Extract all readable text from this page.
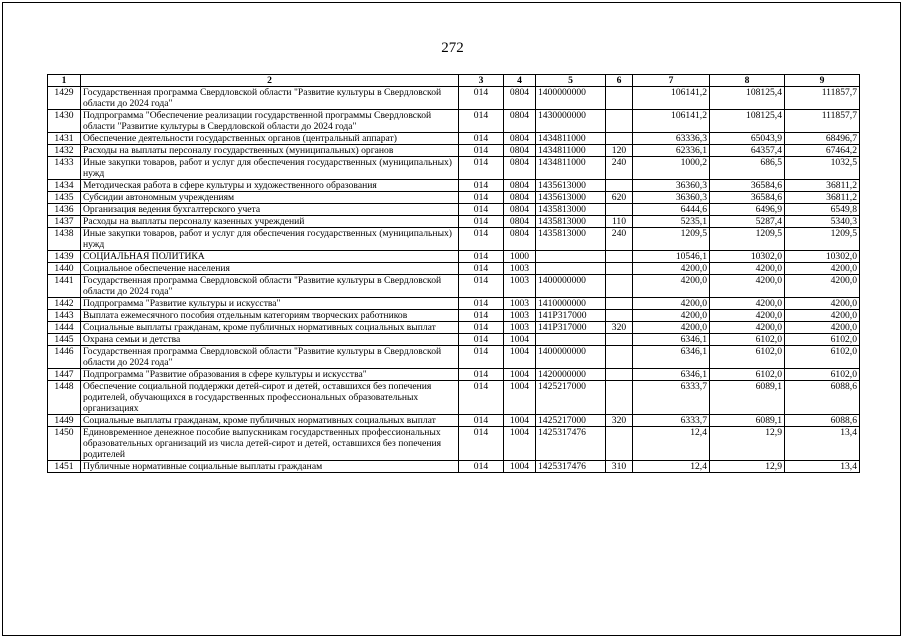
272
1	2	3	4	5	6	7	8	9
1429	Государственная программа Свердловской области "Развитие культуры в Свердловской области до 2024 года"	014	0804	1400000000		106141,2	108125,4	111857,7
1430	Подпрограмма "Обеспечение реализации государственной программы Свердловской области "Развитие культуры в Свердловской области до 2024 года"	014	0804	1430000000		106141,2	108125,4	111857,7
1431	Обеспечение деятельности государственных органов (центральный аппарат)	014	0804	1434811000		63336,3	65043,9	68496,7
1432	Расходы на выплаты персоналу государственных (муниципальных) органов	014	0804	1434811000	120	62336,1	64357,4	67464,2
1433	Иные закупки товаров, работ и услуг для обеспечения государственных (муниципальных) нужд	014	0804	1434811000	240	1000,2	686,5	1032,5
1434	Методическая работа в сфере культуры и художественного образования	014	0804	1435613000		36360,3	36584,6	36811,2
1435	Субсидии автономным учреждениям	014	0804	1435613000	620	36360,3	36584,6	36811,2
1436	Организация ведения бухгалтерского учета	014	0804	1435813000		6444,6	6496,9	6549,8
1437	Расходы на выплаты персоналу казенных учреждений	014	0804	1435813000	110	5235,1	5287,4	5340,3
1438	Иные закупки товаров, работ и услуг для обеспечения государственных (муниципальных) нужд	014	0804	1435813000	240	1209,5	1209,5	1209,5
1439	СОЦИАЛЬНАЯ ПОЛИТИКА	014	1000			10546,1	10302,0	10302,0
1440	Социальное обеспечение населения	014	1003			4200,0	4200,0	4200,0
1441	Государственная программа Свердловской области "Развитие культуры в Свердловской области до 2024 года"	014	1003	1400000000		4200,0	4200,0	4200,0
1442	Подпрограмма "Развитие культуры и искусства"	014	1003	1410000000		4200,0	4200,0	4200,0
1443	Выплата ежемесячного пособия отдельным категориям творческих работников	014	1003	141P317000		4200,0	4200,0	4200,0
1444	Социальные выплаты гражданам, кроме публичных нормативных социальных выплат	014	1003	141P317000	320	4200,0	4200,0	4200,0
1445	Охрана семьи и детства	014	1004			6346,1	6102,0	6102,0
1446	Государственная программа Свердловской области "Развитие культуры в Свердловской области до 2024 года"	014	1004	1400000000		6346,1	6102,0	6102,0
1447	Подпрограмма "Развитие образования в сфере культуры и искусства"	014	1004	1420000000		6346,1	6102,0	6102,0
1448	Обеспечение социальной поддержки детей-сирот и детей, оставшихся без попечения родителей, обучающихся в государственных профессиональных образовательных организациях	014	1004	1425217000		6333,7	6089,1	6088,6
1449	Социальные выплаты гражданам, кроме публичных нормативных социальных выплат	014	1004	1425217000	320	6333,7	6089,1	6088,6
1450	Единовременное денежное пособие выпускникам государственных профессиональных образовательных организаций из числа детей-сирот и детей, оставшихся без попечения родителей	014	1004	1425317476		12,4	12,9	13,4
1451	Публичные нормативные социальные выплаты гражданам	014	1004	1425317476	310	12,4	12,9	13,4
